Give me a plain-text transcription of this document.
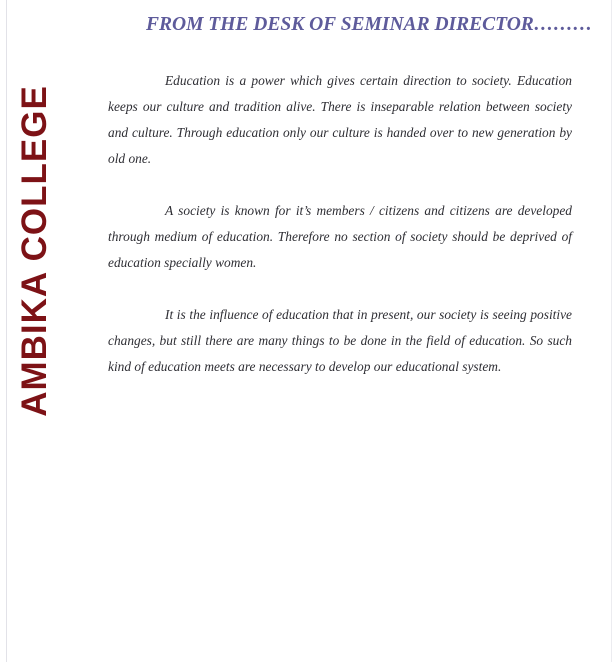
AMBIKA COLLEGE
FROM THE DESK OF SEMINAR DIRECTOR………

Education is a power which gives certain direction to society. Education keeps our culture and tradition alive. There is inseparable relation between society and culture. Through education only our culture is handed over to new generation by old one.

A society is known for it’s members / citizens and citizens are developed through medium of education. Therefore no section of society should be deprived of education specially women.

It is the influence of education that in present, our society is seeing positive changes, but still there are many things to be done in the field of education. So such kind of education meets are necessary to develop our educational system.
